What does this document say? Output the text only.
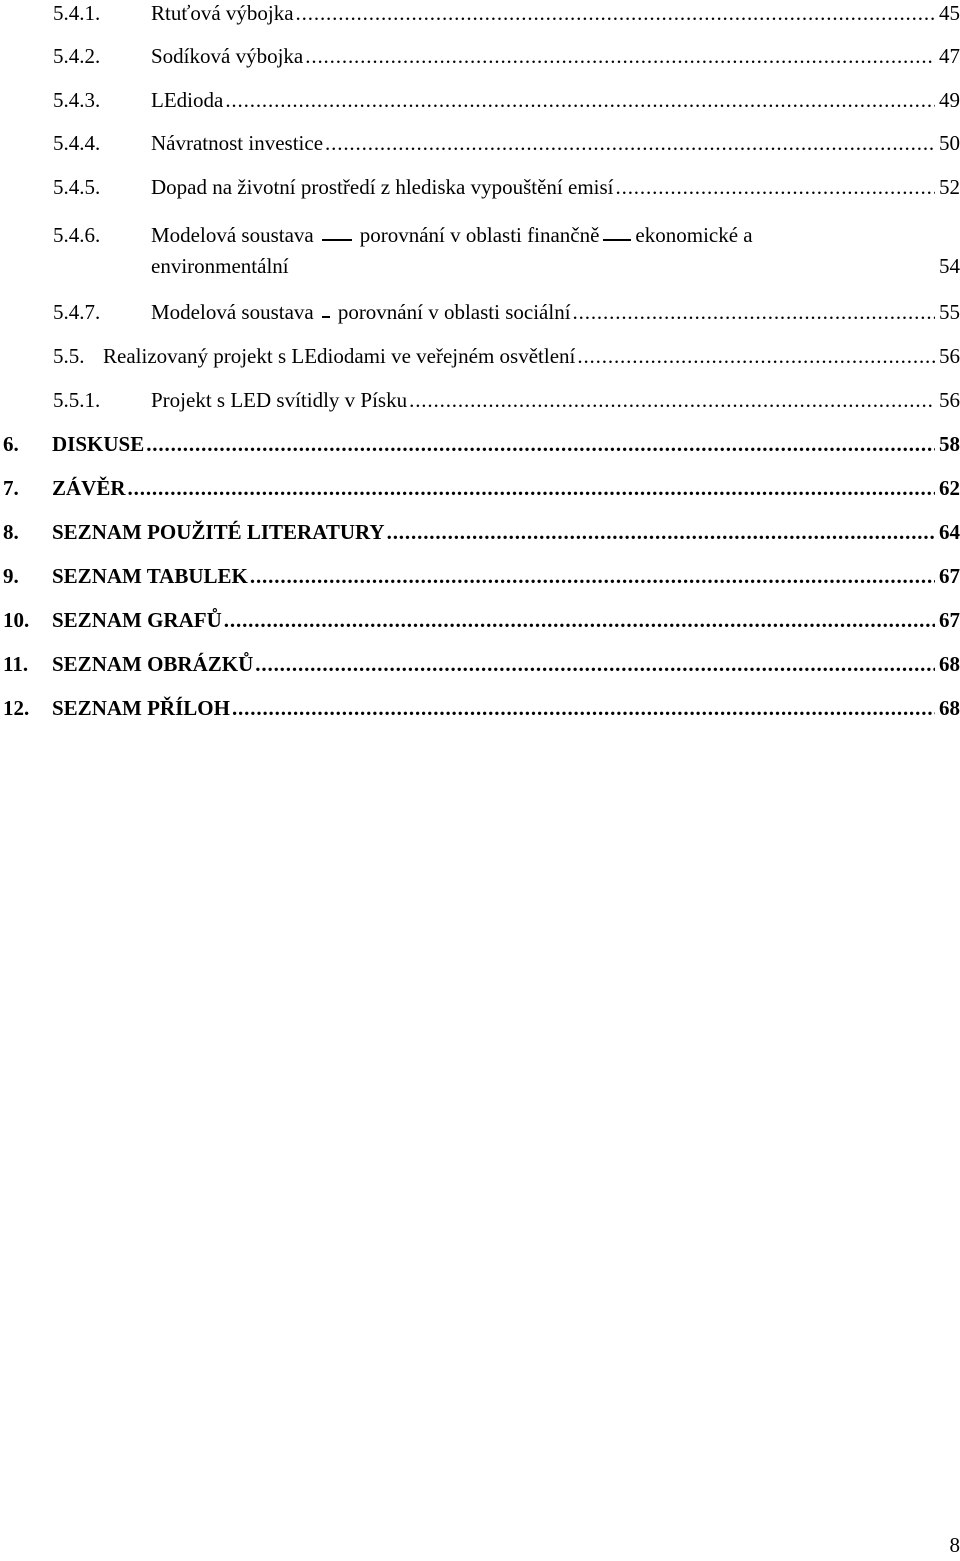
5.4.1. Rtuťová výbojka . . .	45
5.4.2. Sodíková výbojka . . .	47
5.4.3. LEdioda . . .	49
5.4.4. Návratnost investice . . .	50
5.4.5. Dopad na životní prostředí z hlediska vypouštění emisí . . .	52
5.4.6. Modelová soustava porovnání v oblasti finančně ekonomické a
environmentální	54
5.4.7. Modelová soustava porovnání v oblasti sociální . . .	55
5.5. Realizovaný projekt s LEdiodami ve veřejném osvětlení . . .	56
5.5.1. Projekt s LED svítidly v Písku . . .	56
6. DISKUSE . . .	58
7. ZÁVĚR . . .	62
8. SEZNAM POUŽITÉ LITERATURY . . .	64
9. SEZNAM TABULEK . . .	67
10. SEZNAM GRAFŮ . . .	67
11. SEZNAM OBRÁZKŮ . . .	68
12. SEZNAM PŘÍLOH . . .	68
8
